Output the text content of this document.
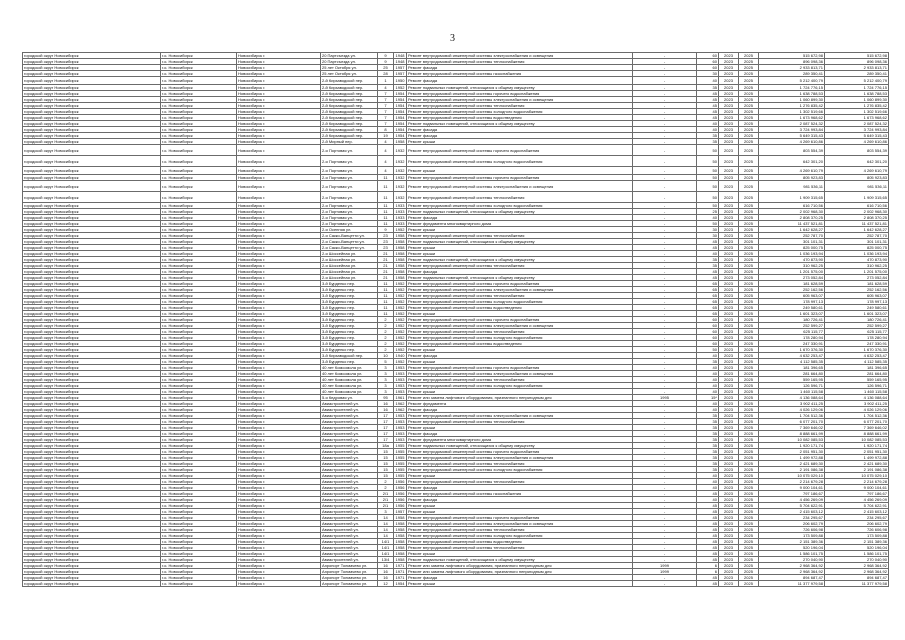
3
городской округ Новосибирск	г.о. Новосибирск	Новосибирск г.	20 Партсъезда ул.	9	1948	Ремонт внутридомовой инженерной системы электроснабжения и освещения	-	60	2023	2025	515 672,98	515 672,98
городской округ Новосибирск	г.о. Новосибирск	Новосибирск г.	20 Партсъезда ул.	9	1948	Ремонт внутридомовой инженерной системы теплоснабжения	-	60	2023	2025	896 098,36	896 098,36
городской округ Новосибирск	г.о. Новосибирск	Новосибирск г.	25 лет Октября ул.	25	1957	Ремонт фасада	-	60	2023	2025	2 933 813,71	2 933 813,71
городской округ Новосибирск	г.о. Новосибирск	Новосибирск г.	25 лет Октября ул.	28	1957	Ремонт внутридомовой инженерной системы газоснабжения	-	30	2023	2025	289 350,41	289 350,41
городской округ Новосибирск	г.о. Новосибирск	Новосибирск г.	2-й Кирзаводской пер.	1	1950	Ремонт фасада	-	40	2023	2025	5 212 400,79	5 212 400,79
городской округ Новосибирск	г.о. Новосибирск	Новосибирск г.	2-й Кирзаводской пер.	4	1952	Ремонт подвальных помещений, относящихся к общему имуществу	-	35	2023	2025	1 724 776,15	1 724 776,15
городской округ Новосибирск	г.о. Новосибирск	Новосибирск г.	2-й Кирзаводской пер.	7	1954	Ремонт внутридомовой инженерной системы горячего водоснабжения	-	45	2023	2025	1 638 788,53	1 638 788,53
городской округ Новосибирск	г.о. Новосибирск	Новосибирск г.	2-й Кирзаводской пер.	7	1954	Ремонт внутридомовой инженерной системы электроснабжения и освещения	-	45	2023	2025	1 060 899,30	1 060 899,30
городской округ Новосибирск	г.о. Новосибирск	Новосибирск г.	2-й Кирзаводской пер.	7	1954	Ремонт внутридомовой инженерной системы теплоснабжения	-	45	2023	2025	1 276 835,42	1 276 835,42
городской округ Новосибирск	г.о. Новосибирск	Новосибирск г.	2-й Кирзаводской пер.	7	1954	Ремонт внутридомовой инженерной системы холодного водоснабжения	-	45	2023	2025	1 302 519,66	1 302 519,66
городской округ Новосибирск	г.о. Новосибирск	Новосибирск г.	2-й Кирзаводской пер.	7	1954	Ремонт внутридомовой инженерной системы водоотведения	-	45	2023	2025	1 673 968,62	1 673 968,62
городской округ Новосибирск	г.о. Новосибирск	Новосибирск г.	2-й Кирзаводской пер.	7	1954	Ремонт подвальных помещений, относящихся к общему имуществу	-	40	2023	2025	2 087 524,32	2 087 524,32
городской округ Новосибирск	г.о. Новосибирск	Новосибирск г.	2-й Кирзаводской пер.	8	1954	Ремонт фасада	-	40	2023	2025	3 724 993,84	3 724 993,84
городской округ Новосибирск	г.о. Новосибирск	Новосибирск г.	2-й Кирзаводской пер.	19	1954	Ремонт фасада	-	35	2023	2025	5 649 315,43	5 649 315,43
городской округ Новосибирск	г.о. Новосибирск	Новосибирск г.	2-й Мирный пер.	4	1958	Ремонт крыши	-	35	2023	2025	4 269 610,86	4 269 610,86
городской округ Новосибирск	г.о. Новосибирск	Новосибирск г.	2-я Портовая ул.	4	1932	Ремонт внутридомовой инженерной системы горячего водоснабжения	-	50	2023	2025	803 554,39	803 554,39
городской округ Новосибирск	г.о. Новосибирск	Новосибирск г.	2-я Портовая ул.	4	1932	Ремонт внутридомовой инженерной системы холодного водоснабжения	-	50	2023	2025	642 301,20	642 301,20
городской округ Новосибирск	г.о. Новосибирск	Новосибирск г.	2-я Портовая ул.	4	1932	Ремонт крыши	-	50	2023	2025	4 269 610,79	4 269 610,79
городской округ Новосибирск	г.о. Новосибирск	Новосибирск г.	2-я Портовая ул.	11	1932	Ремонт внутридомовой инженерной системы горячего водоснабжения	-	50	2023	2025	805 923,83	805 923,83
городской округ Новосибирск	г.о. Новосибирск	Новосибирск г.	2-я Портовая ул.	11	1932	Ремонт внутридомовой инженерной системы электроснабжения и освещения	-	50	2023	2025	981 536,11	981 536,11
городской округ Новосибирск	г.о. Новосибирск	Новосибирск г.	2-я Портовая ул.	11	1932	Ремонт внутридомовой инженерной системы теплоснабжения	-	50	2023	2025	1 909 315,65	1 909 315,65
городской округ Новосибирск	г.о. Новосибирск	Новосибирск г.	2-я Портовая ул.	11	1933	Ремонт внутридомовой инженерной системы холодного водоснабжения	-	50	2023	2025	616 710,56	616 710,56
городской округ Новосибирск	г.о. Новосибирск	Новосибирск г.	2-я Портовая ул.	11	1933	Ремонт подвальных помещений, относящихся к общему имуществу	-	25	2023	2025	2 002 968,30	2 002 968,30
городской округ Новосибирск	г.о. Новосибирск	Новосибирск г.	2-я Портовая ул.	11	1933	Ремонт фасада	-	40	2023	2025	2 808 370,25	2 808 370,25
городской округ Новосибирск	г.о. Новосибирск	Новосибирск г.	2-я Портовая ул.	11	1933	Ремонт фундамента многоквартирного дома	-	50	2023	2025	11 437 521,81	11 437 521,81
городской округ Новосибирск	г.о. Новосибирск	Новосибирск г.	2-я Осенняя ул.	9	1952	Ремонт крыши	-	30	2023	2025	1 642 628,27	1 642 628,27
городской округ Новосибирск	г.о. Новосибирск	Новосибирск г.	2-я Сакко-Ванцетти ул.	23	1958	Ремонт внутридомовой инженерной системы теплоснабжения	-	30	2023	2025	252 787,70	252 787,70
городской округ Новосибирск	г.о. Новосибирск	Новосибирск г.	2-я Сакко-Ванцетти ул.	23	1958	Ремонт подвальных помещений, относящихся к общему имуществу	-	45	2023	2025	301 101,31	301 101,31
городской округ Новосибирск	г.о. Новосибирск	Новосибирск г.	2-я Сакко-Ванцетти ул.	23	1958	Ремонт крыши	-	45	2023	2025	825 000,75	825 000,75
городской округ Новосибирск	г.о. Новосибирск	Новосибирск г.	2-я Шоссейная ул.	21	1958	Ремонт крыши	-	40	2023	2025	1 036 193,94	1 036 193,94
городской округ Новосибирск	г.о. Новосибирск	Новосибирск г.	2-я Шоссейная ул.	21	1958	Ремонт подвальных помещений, относящихся к общему имуществу	-	35	2023	2025	470 873,90	470 873,90
городской округ Новосибирск	г.о. Новосибирск	Новосибирск г.	2-я Шоссейная ул.	21	1958	Ремонт внутридомовой инженерной системы теплоснабжения	-	35	2023	2025	310 962,25	310 962,25
городской округ Новосибирск	г.о. Новосибирск	Новосибирск г.	2-я Шоссейная ул.	21	1958	Ремонт фасада	-	45	2023	2025	1 201 575,00	1 201 575,00
городской округ Новосибирск	г.о. Новосибирск	Новосибирск г.	2-я Шоссейная ул.	21	1958	Ремонт подвальных помещений, относящихся к общему имуществу	-	45	2023	2025	273 052,84	273 052,84
городской округ Новосибирск	г.о. Новосибирск	Новосибирск г.	3-й Бурденко пер.	11	1952	Ремонт внутридомовой инженерной системы горячего водоснабжения	-	65	2023	2025	181 628,59	181 628,59
городской округ Новосибирск	г.о. Новосибирск	Новосибирск г.	3-й Бурденко пер.	11	1952	Ремонт внутридомовой инженерной системы электроснабжения и освещения	-	65	2023	2025	252 162,56	252 162,56
городской округ Новосибирск	г.о. Новосибирск	Новосибирск г.	3-й Бурденко пер.	11	1952	Ремонт внутридомовой инженерной системы теплоснабжения	-	65	2023	2025	605 963,07	605 963,07
городской округ Новосибирск	г.о. Новосибирск	Новосибирск г.	3-й Бурденко пер.	11	1952	Ремонт внутридомовой инженерной системы холодного водоснабжения	-	65	2023	2025	178 997,13	178 997,13
городской округ Новосибирск	г.о. Новосибирск	Новосибирск г.	3-й Бурденко пер.	11	1952	Ремонт внутридомовой инженерной системы водоотведения	-	65	2023	2025	249 580,61	249 580,61
городской округ Новосибирск	г.о. Новосибирск	Новосибирск г.	3-й Бурденко пер.	11	1952	Ремонт крыши	-	65	2023	2025	1 601 323,07	1 601 323,07
городской округ Новосибирск	г.о. Новосибирск	Новосибирск г.	3-й Бурденко пер.	2	1952	Ремонт внутридомовой инженерной системы горячего водоснабжения	-	60	2023	2025	180 726,41	180 726,41
городской округ Новосибирск	г.о. Новосибирск	Новосибирск г.	3-й Бурденко пер.	2	1952	Ремонт внутридомовой инженерной системы электроснабжения и освещения	-	60	2023	2025	252 599,27	252 599,27
городской округ Новосибирск	г.о. Новосибирск	Новосибирск г.	3-й Бурденко пер.	2	1952	Ремонт внутридомовой инженерной системы теплоснабжения	-	60	2023	2025	625 115,77	625 115,77
городской округ Новосибирск	г.о. Новосибирск	Новосибирск г.	3-й Бурденко пер.	2	1952	Ремонт внутридомовой инженерной системы холодного водоснабжения	-	60	2023	2025	178 280,94	178 280,94
городской округ Новосибирск	г.о. Новосибирск	Новосибирск г.	3-й Бурденко пер.	2	1952	Ремонт внутридомовой инженерной системы водоотведения	-	60	2023	2025	247 330,91	247 330,91
городской округ Новосибирск	г.о. Новосибирск	Новосибирск г.	3-й Бурденко пер.	2	1952	Ремонт крыши	-	50	2023	2025	1 670 376,30	1 670 376,30
городской округ Новосибирск	г.о. Новосибирск	Новосибирск г.	3-й Кирзаводской пер.	10	1940	Ремонт фасада	-	40	2023	2025	4 632 253,47	4 632 253,47
городской округ Новосибирск	г.о. Новосибирск	Новосибирск г.	3-й Бурденко пер.	5	1952	Ремонт крыши	-	35	2023	2025	4 112 585,35	4 112 585,35
городской округ Новосибирск	г.о. Новосибирск	Новосибирск г.	40 лет Комсомола ул.	3	1953	Ремонт внутридомовой инженерной системы горячего водоснабжения	-	40	2023	2025	181 396,65	181 396,65
городской округ Новосибирск	г.о. Новосибирск	Новосибирск г.	40 лет Комсомола ул.	3	1953	Ремонт внутридомовой инженерной системы электроснабжения и освещения	-	40	2023	2025	281 664,80	281 664,80
городской округ Новосибирск	г.о. Новосибирск	Новосибирск г.	40 лет Комсомола ул.	3	1953	Ремонт внутридомовой инженерной системы теплоснабжения	-	40	2023	2025	559 165,95	559 165,95
городской округ Новосибирск	г.о. Новосибирск	Новосибирск г.	40 лет Комсомола ул.	3	1953	Ремонт внутридомовой инженерной системы холодного водоснабжения	-	40	2023	2025	126 596,71	126 596,71
городской округ Новосибирск	г.о. Новосибирск	Новосибирск г.	40 лет Комсомола ул.	3	1953	Ремонт крыши	-	40	2023	2025	1 460 115,58	1 460 115,58
городской округ Новосибирск	г.о. Новосибирск	Новосибирск г.	5-я Кедровая ул.	95	1961	Ремонт или замена лифтового оборудования, признанного непригодным для	1995	15*	2023	2025	4 136 088,64	4 136 088,64
городской округ Новосибирск	г.о. Новосибирск	Новосибирск г.	Авиастроителей ул.	16	1962	Ремонт фундамента	-	40	2023	2025	3 902 411,25	3 902 411,25
городской округ Новосибирск	г.о. Новосибирск	Новосибирск г.	Авиастроителей ул.	16	1962	Ремонт фасада	-	40	2023	2025	4 026 129,06	4 026 129,06
городской округ Новосибирск	г.о. Новосибирск	Новосибирск г.	Авиастроителей ул.	17	1953	Ремонт внутридомовой инженерной системы электроснабжения и освещения	-	35	2023	2025	1 704 512,36	1 704 512,36
городской округ Новосибирск	г.о. Новосибирск	Новосибирск г.	Авиастроителей ул.	17	1953	Ремонт внутридомовой инженерной системы теплоснабжения	-	35	2023	2025	6 077 201,70	6 077 201,70
городской округ Новосибирск	г.о. Новосибирск	Новосибирск г.	Авиастроителей ул.	17	1953	Ремонт крыши	-	35	2023	2025	7 369 646,02	7 369 646,02
городской округ Новосибирск	г.о. Новосибирск	Новосибирск г.	Авиастроителей ул.	17	1953	Ремонт фасада	-	35	2023	2025	8 888 661,99	8 888 661,99
городской округ Новосибирск	г.о. Новосибирск	Новосибирск г.	Авиастроителей ул.	17	1953	Ремонт фундамента многоквартирного дома	-	35	2023	2025	10 082 085,53	10 082 085,53
городской округ Новосибирск	г.о. Новосибирск	Новосибирск г.	Авиастроителей ул.	18а	1955	Ремонт подвальных помещений, относящихся к общему имуществу	-	35	2023	2025	1 920 171,74	1 920 171,74
городской округ Новосибирск	г.о. Новосибирск	Новосибирск г.	Авиастроителей ул.	15	1955	Ремонт внутридомовой инженерной системы горячего водоснабжения	-	35	2023	2025	2 051 951,30	2 051 951,30
городской округ Новосибирск	г.о. Новосибирск	Новосибирск г.	Авиастроителей ул.	15	1955	Ремонт внутридомовой инженерной системы электроснабжения и освещения	-	35	2023	2025	1 499 972,88	1 499 972,88
городской округ Новосибирск	г.о. Новосибирск	Новосибирск г.	Авиастроителей ул.	15	1955	Ремонт внутридомовой инженерной системы теплоснабжения	-	35	2023	2025	2 421 689,30	2 421 689,30
городской округ Новосибирск	г.о. Новосибирск	Новосибирск г.	Авиастроителей ул.	15	1955	Ремонт внутридомовой инженерной системы холодного водоснабжения	-	35	2023	2025	2 191 086,38	2 191 086,38
городской округ Новосибирск	г.о. Новосибирск	Новосибирск г.	Авиастроителей ул.	15	1955	Ремонт крыши	-	40	2023	2025	10 075 029,10	10 075 029,10
городской округ Новосибирск	г.о. Новосибирск	Новосибирск г.	Авиастроителей ул.	2	1956	Ремонт внутридомовой инженерной системы теплоснабжения	-	40	2023	2025	2 214 679,28	2 214 679,28
городской округ Новосибирск	г.о. Новосибирск	Новосибирск г.	Авиастроителей ул.	2	1956	Ремонт фасада	-	40	2023	2025	9 000 104,61	9 000 104,61
городской округ Новосибирск	г.о. Новосибирск	Новосибирск г.	Авиастроителей ул.	2/1	1956	Ремонт внутридомовой инженерной системы газоснабжения	-	45	2023	2025	797 186,67	797 186,67
городской округ Новосибирск	г.о. Новосибирск	Новосибирск г.	Авиастроителей ул.	2/1	1956	Ремонт фасада	-	40	2023	2025	4 456 269,09	4 456 269,09
городской округ Новосибирск	г.о. Новосибирск	Новосибирск г.	Авиастроителей ул.	2/1	1956	Ремонт крыши	-	45	2023	2025	5 704 622,91	5 704 622,91
городской округ Новосибирск	г.о. Новосибирск	Новосибирск г.	Авиастроителей ул.	3	1957	Ремонт крыши	-	45	2023	2025	2 415 603,12	2 415 603,12
городской округ Новосибирск	г.о. Новосибирск	Новосибирск г.	Авиастроителей ул.	14	1958	Ремонт внутридомовой инженерной системы горячего водоснабжения	-	45	2023	2025	234 295,67	234 295,67
городской округ Новосибирск	г.о. Новосибирск	Новосибирск г.	Авиастроителей ул.	14	1958	Ремонт внутридомовой инженерной системы электроснабжения и освещения	-	45	2023	2025	206 602,79	206 602,79
городской округ Новосибирск	г.о. Новосибирск	Новосибирск г.	Авиастроителей ул.	14	1958	Ремонт внутридомовой инженерной системы теплоснабжения	-	45	2023	2025	726 606,98	726 606,98
городской округ Новосибирск	г.о. Новосибирск	Новосибирск г.	Авиастроителей ул.	14	1958	Ремонт внутридомовой инженерной системы холодного водоснабжения	-	45	2023	2025	173 509,88	173 509,88
городской округ Новосибирск	г.о. Новосибирск	Новосибирск г.	Авиастроителей ул.	14/1	1958	Ремонт внутридомовой инженерной системы водоотведения	-	45	2023	2025	2 151 389,36	2 151 389,36
городской округ Новосибирск	г.о. Новосибирск	Новосибирск г.	Авиастроителей ул.	14/1	1958	Ремонт внутридомовой инженерной системы теплоснабжения	-	45	2023	2025	520 196,04	520 196,04
городской округ Новосибирск	г.о. Новосибирск	Новосибирск г.	Авиастроителей ул.	14/1	1958	Ремонт крыши	-	45	2023	2025	1 586 101,75	1 586 101,75
городской округ Новосибирск	г.о. Новосибирск	Новосибирск г.	Авиастроителей ул.	13/4	1958	Ремонт подвальных помещений, относящихся к общему имуществу	-	45	2023	2025	270 040,90	270 040,90
городской округ Новосибирск	г.о. Новосибирск	Новосибирск г.	Аэропорт Толмачево ул.	16	1971	Ремонт или замена лифтового оборудования, признанного непригодным для	1999	6	2023	2025	2 968 364,92	2 968 364,92
городской округ Новосибирск	г.о. Новосибирск	Новосибирск г.	Аэропорт Толмачево ул.	16	1971	Ремонт или замена лифтового оборудования, признанного непригодным для	1999	6	2023	2025	2 968 364,92	2 968 364,92
городской округ Новосибирск	г.о. Новосибирск	Новосибирск г.	Аэропорт Толмачево ул.	16	1971	Ремонт фасада	-	45	2023	2025	894 687,47	894 687,47
городской округ Новосибирск	г.о. Новосибирск	Новосибирск г.	Аэропорт Толмачево ул.	12	1954	Ремонт крыши	-	45	2023	2025	11 377 979,58	11 377 979,58
